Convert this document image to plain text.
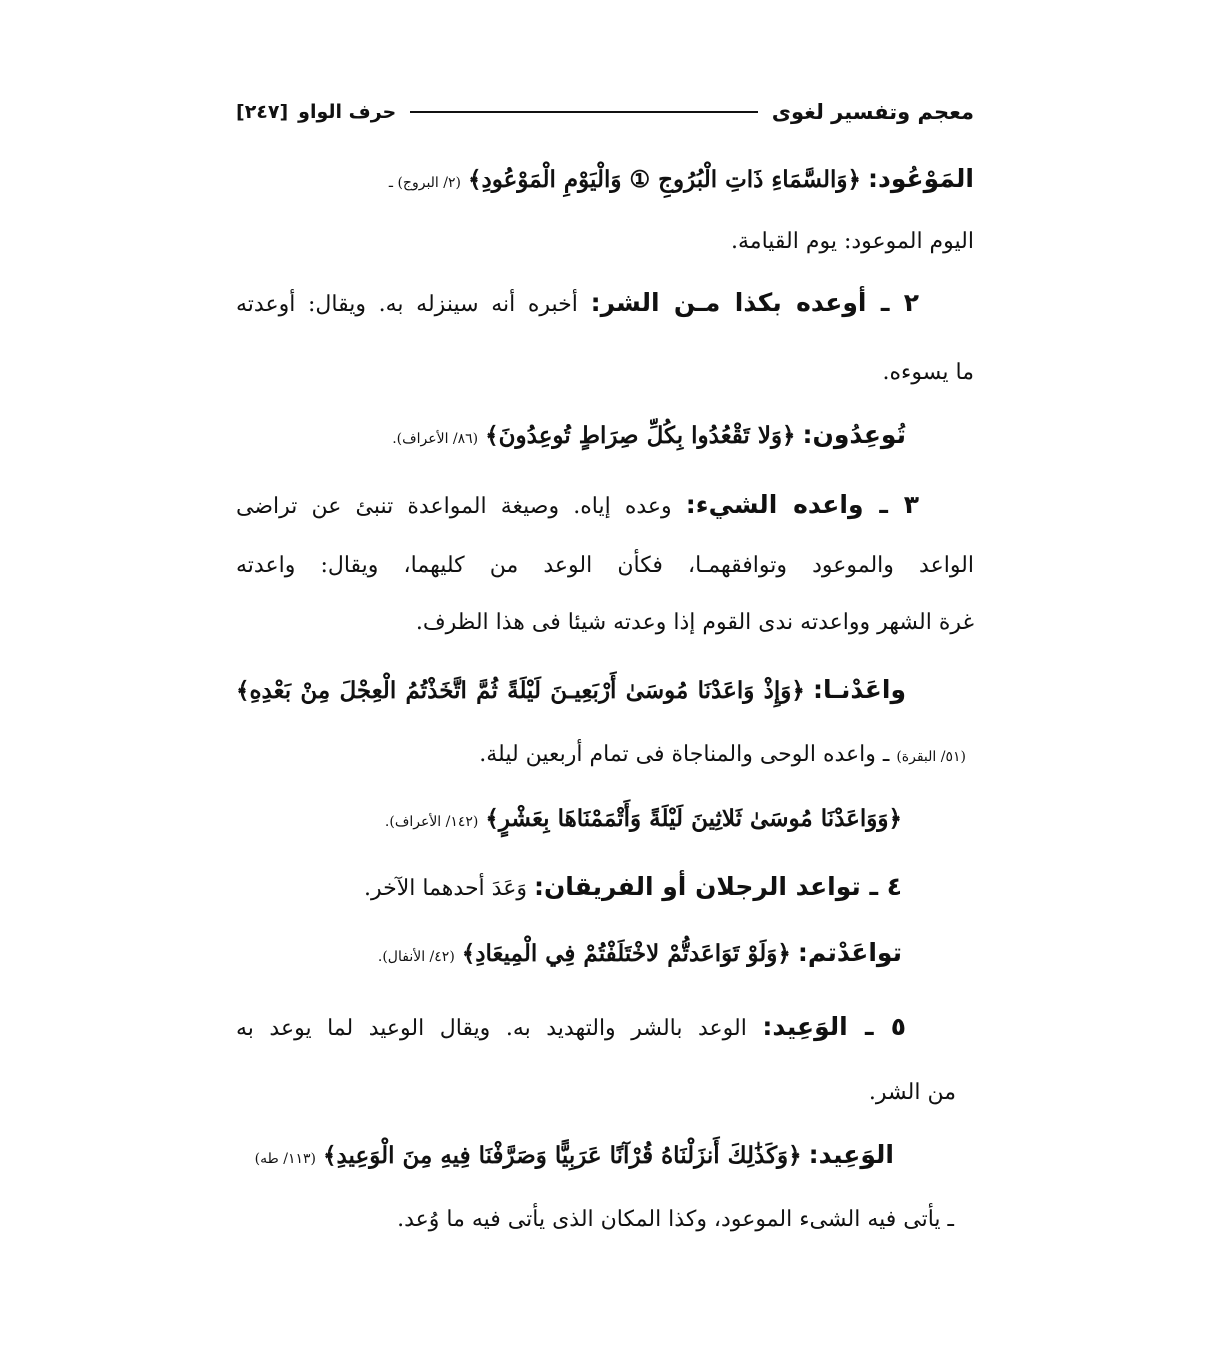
معجم وتفسير لغوى
حرف الواو
[٢٤٧]
المَوْعُود: ﴿وَالسَّمَاءِ ذَاتِ الْبُرُوجِ ① وَالْيَوْمِ الْمَوْعُودِ﴾ (٢/ البروج) ـ
اليوم الموعود: يوم القيامة.
٢ ـ أوعده بكذا مـن الشر: أخبره أنه سينزله به. ويقال: أوعدته
ما يسوءه.
تُوعِدُون: ﴿وَلا تَقْعُدُوا بِكُلِّ صِرَاطٍ تُوعِدُونَ﴾ (٨٦/ الأعراف).
٣ ـ واعده الشيء: وعده إياه. وصيغة المواعدة تنبئ عن تراضى
الواعد والموعود وتوافقهمـا، فكأن الوعد من كليهما، ويقال: واعدته
غرة الشهر وواعدته ندى القوم إذا وعدته شيئا فى هذا الظرف.
واعَدْنـا: ﴿وَإِذْ وَاعَدْنَا مُوسَىٰ أَرْبَعِيـنَ لَيْلَةً ثُمَّ اتَّخَذْتُمُ الْعِجْلَ مِنْ بَعْدِهِ﴾
(٥١/ البقرة) ـ واعده الوحى والمناجاة فى تمام أربعين ليلة.
﴿وَوَاعَدْنَا مُوسَىٰ ثَلاثِينَ لَيْلَةً وَأَتْمَمْنَاهَا بِعَشْرٍ﴾ (١٤٢/ الأعراف).
٤ ـ تواعد الرجلان أو الفريقان: وَعَدَ أحدهما الآخر.
تواعَدْتم: ﴿وَلَوْ تَوَاعَدتُّمْ لاخْتَلَفْتُمْ فِي الْمِيعَادِ﴾ (٤٢/ الأنفال).
٥ ـ الوَعِيد: الوعد بالشر والتهديد به. ويقال الوعيد لما يوعد به
من الشر.
الوَعِيد: ﴿وَكَذَٰلِكَ أَنزَلْنَاهُ قُرْآنًا عَرَبِيًّا وَصَرَّفْنَا فِيهِ مِنَ الْوَعِيدِ﴾ (١١٣/ طه)
ـ يأتى فيه الشىء الموعود، وكذا المكان الذى يأتى فيه ما وُعد.
